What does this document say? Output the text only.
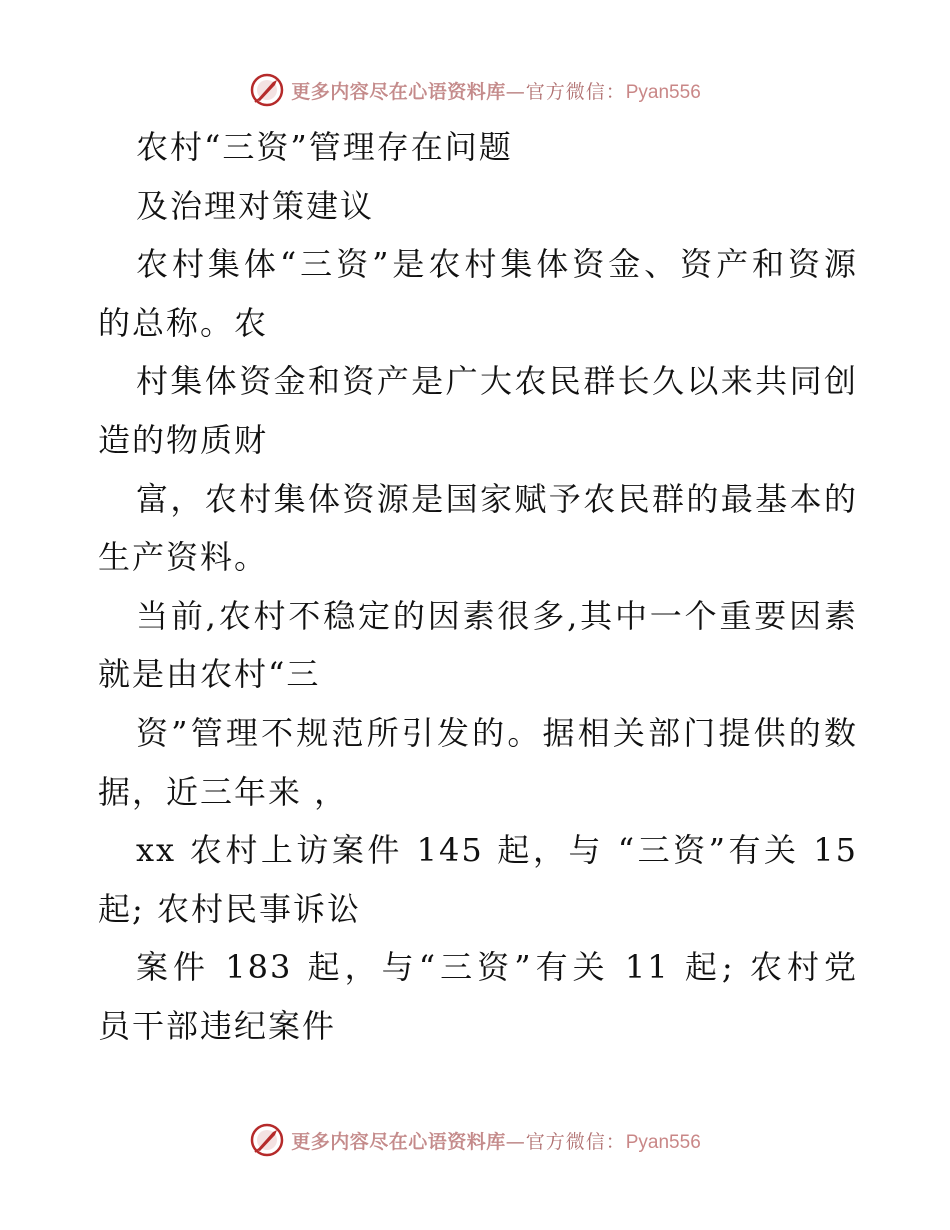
更多内容尽在心语资料库 —官方微信： Pyan556
农村“三资”管理存在问题
及治理对策建议
农村集体“三资”是农村集体资金、资产和资源
的总称。农
村集体资金和资产是广大农民群长久以来共同创
造的物质财
富，农村集体资源是国家赋予农民群的最基本的
生产资料。
当前,农村不稳定的因素很多,其中一个重要因素
就是由农村“三
资”管理不规范所引发的。据相关部门提供的数
据，近三年来 ，
xx 农村上访案件 145 起，与 “三资”有关 15
起; 农村民事诉讼
案件 183 起，与“三资”有关 11 起; 农村党
员干部违纪案件
更多内容尽在心语资料库 —官方微信： Pyan556
